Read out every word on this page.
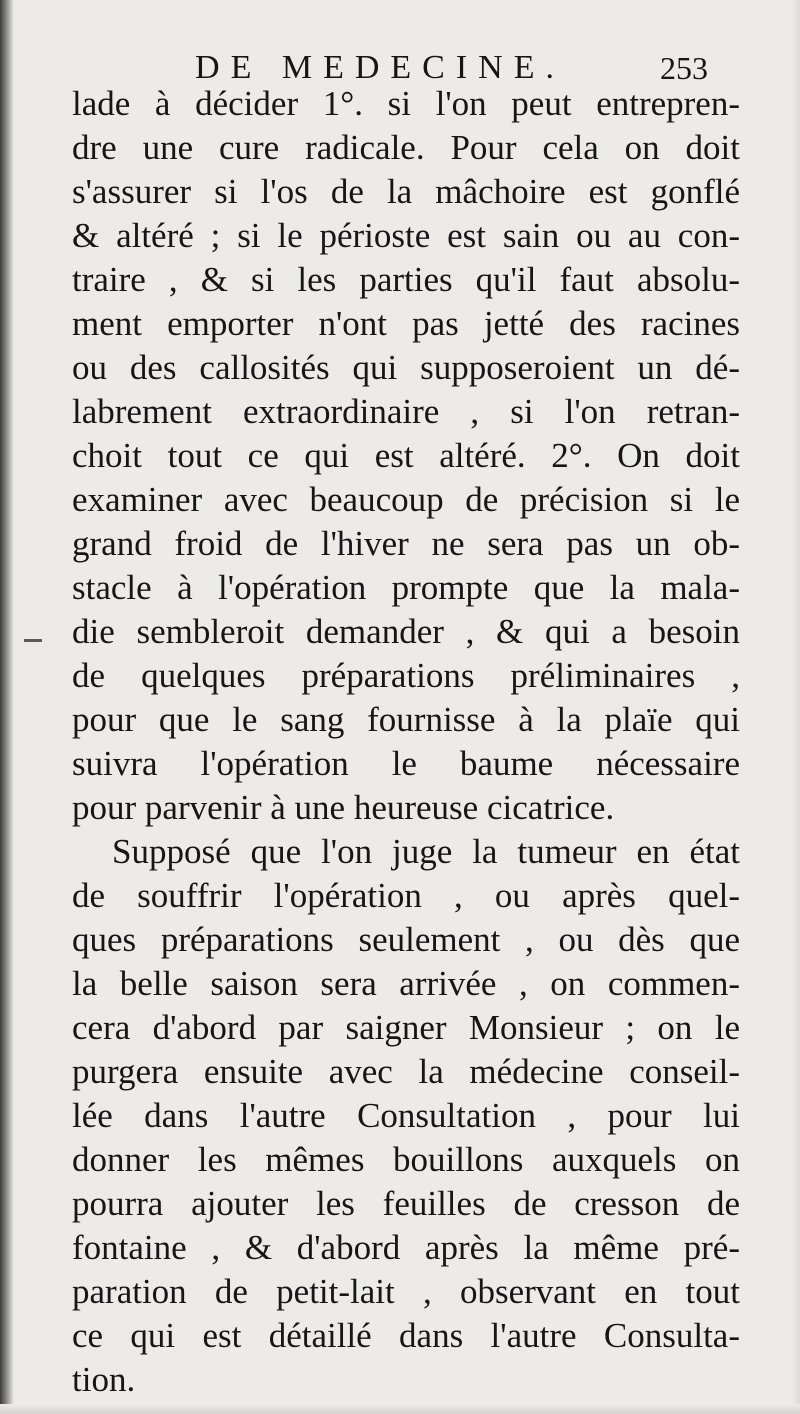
DE MEDECINE.	253
lade à décider 1°. si l'on peut entrepren-
dre une cure radicale. Pour cela on doit
s'assurer si l'os de la mâchoire est gonflé
& altéré ; si le périoste est sain ou au con-
traire , & si les parties qu'il faut absolu-
ment emporter n'ont pas jetté des racines
ou des callosités qui supposeroient un dé-
labrement extraordinaire , si l'on retran-
choit tout ce qui est altéré. 2°. On doit
examiner avec beaucoup de précision si le
grand froid de l'hiver ne sera pas un ob-
stacle à l'opération prompte que la mala-
die sembleroit demander , & qui a besoin
de quelques préparations préliminaires ,
pour que le sang fournisse à la plaïe qui
suivra l'opération le baume nécessaire
pour parvenir à une heureuse cicatrice.
Supposé que l'on juge la tumeur en état
de souffrir l'opération , ou après quel-
ques préparations seulement , ou dès que
la belle saison sera arrivée , on commen-
cera d'abord par saigner Monsieur ; on le
purgera ensuite avec la médecine conseil-
lée dans l'autre Consultation , pour lui
donner les mêmes bouillons auxquels on
pourra ajouter les feuilles de cresson de
fontaine , & d'abord après la même pré-
paration de petit-lait , observant en tout
ce qui est détaillé dans l'autre Consulta-
tion.
